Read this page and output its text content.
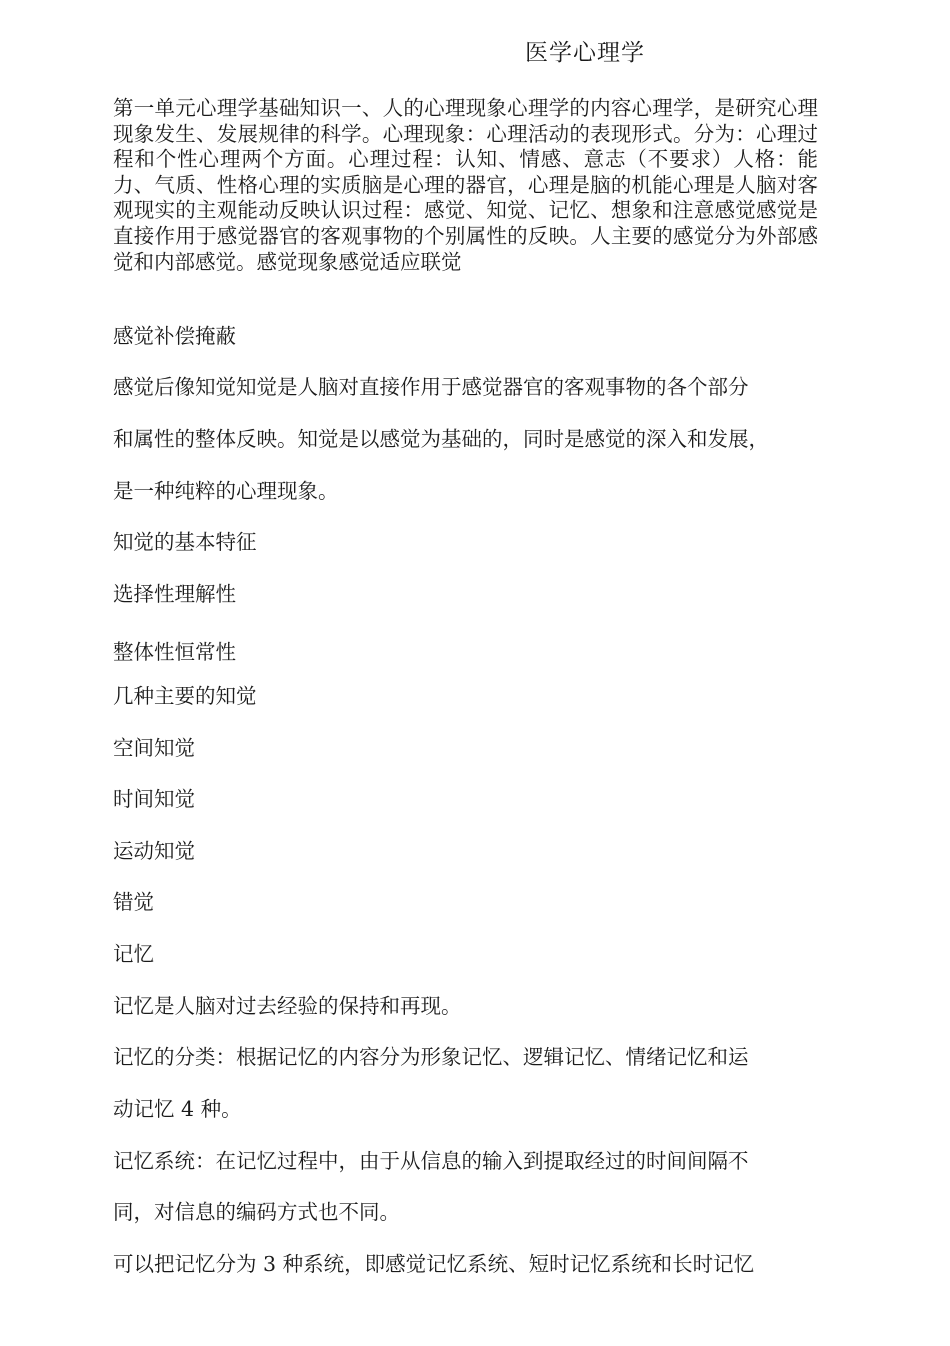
医学心理学
第一单元心理学基础知识一、人的心理现象心理学的内容心理学，是研究心理现象发生、发展规律的科学。心理现象：心理活动的表现形式。分为：心理过程和个性心理两个方面。心理过程：认知、情感、意志（不要求）人格：能力、气质、性格心理的实质脑是心理的器官，心理是脑的机能心理是人脑对客观现实的主观能动反映认识过程：感觉、知觉、记忆、想象和注意感觉感觉是直接作用于感觉器官的客观事物的个别属性的反映。人主要的感觉分为外部感觉和内部感觉。感觉现象感觉适应联觉
感觉补偿掩蔽
感觉后像知觉知觉是人脑对直接作用于感觉器官的客观事物的各个部分
和属性的整体反映。知觉是以感觉为基础的，同时是感觉的深入和发展，
是一种纯粹的心理现象。
知觉的基本特征
选择性理解性
整体性恒常性
几种主要的知觉
空间知觉
时间知觉
运动知觉
错觉
记忆
记忆是人脑对过去经验的保持和再现。
记忆的分类：根据记忆的内容分为形象记忆、逻辑记忆、情绪记忆和运
动记忆 4 种。
记忆系统：在记忆过程中，由于从信息的输入到提取经过的时间间隔不
同，对信息的编码方式也不同。
可以把记忆分为 3 种系统，即感觉记忆系统、短时记忆系统和长时记忆
